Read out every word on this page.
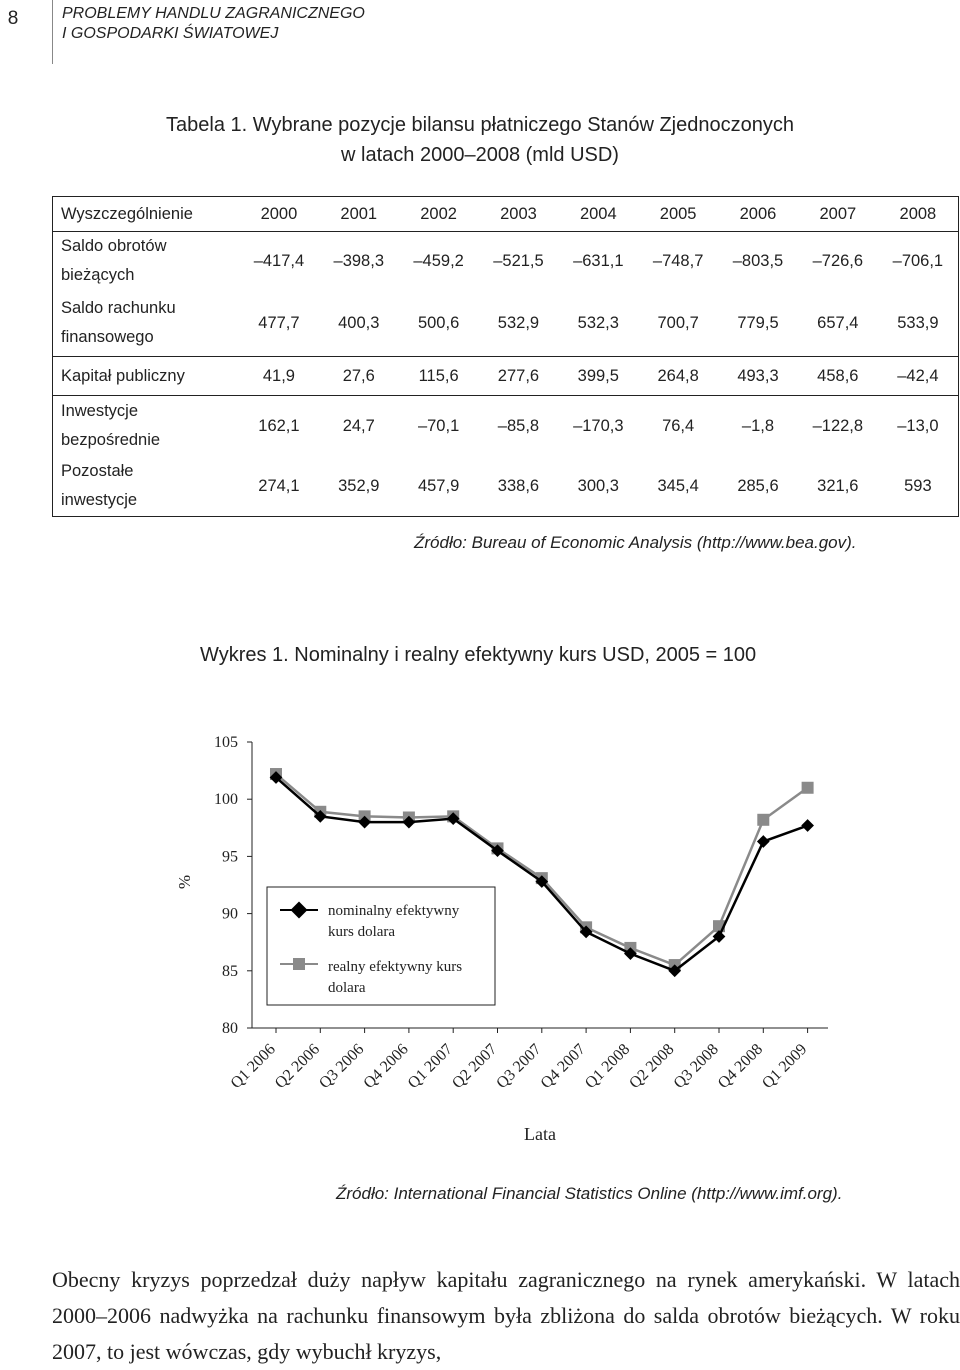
8	PROBLEMY HANDLU ZAGRANICZNEGO
I GOSPODARKI ŚWIATOWEJ
Tabela 1. Wybrane pozycje bilansu płatniczego Stanów Zjednoczonych
w latach 2000–2008 (mld USD)
Wyszczególnienie	2000	2001	2002	2003	2004	2005	2006	2007	2008
Saldo obrotów
bieżących	–417,4	–398,3	–459,2	–521,5	–631,1	–748,7	–803,5	–726,6	–706,1
Saldo rachunku
finansowego	477,7	400,3	500,6	532,9	532,3	700,7	779,5	657,4	533,9
Kapitał publiczny	41,9	27,6	115,6	277,6	399,5	264,8	493,3	458,6	–42,4
Inwestycje
bezpośrednie	162,1	24,7	–70,1	–85,8	–170,3	76,4	–1,8	–122,8	–13,0
Pozostałe
inwestycje	274,1	352,9	457,9	338,6	300,3	345,4	285,6	321,6	593
Źródło: Bureau of Economic Analysis (http://www.bea.gov).
Wykres 1. Nominalny i realny efektywny kurs USD, 2005 = 100
80
85
90
95
100
105
Q1 2006
Q2 2006
Q3 2006
Q4 2006
Q1 2007
Q2 2007
Q3 2007
Q4 2007
Q1 2008
Q2 2008
Q3 2008
Q4 2008
Q1 2009
nominalny efektywny
kurs dolara
realny efektywny kurs
dolara
%
Lata
Źródło: International Financial Statistics Online (http://www.imf.org).
Obecny kryzys poprzedzał duży napływ kapitału zagranicznego na rynek amerykański. W latach 2000–2006 nadwyżka na rachunku finansowym była zbliżona do salda obrotów bieżących. W roku 2007, to jest wówczas, gdy wybuchł kryzys,
